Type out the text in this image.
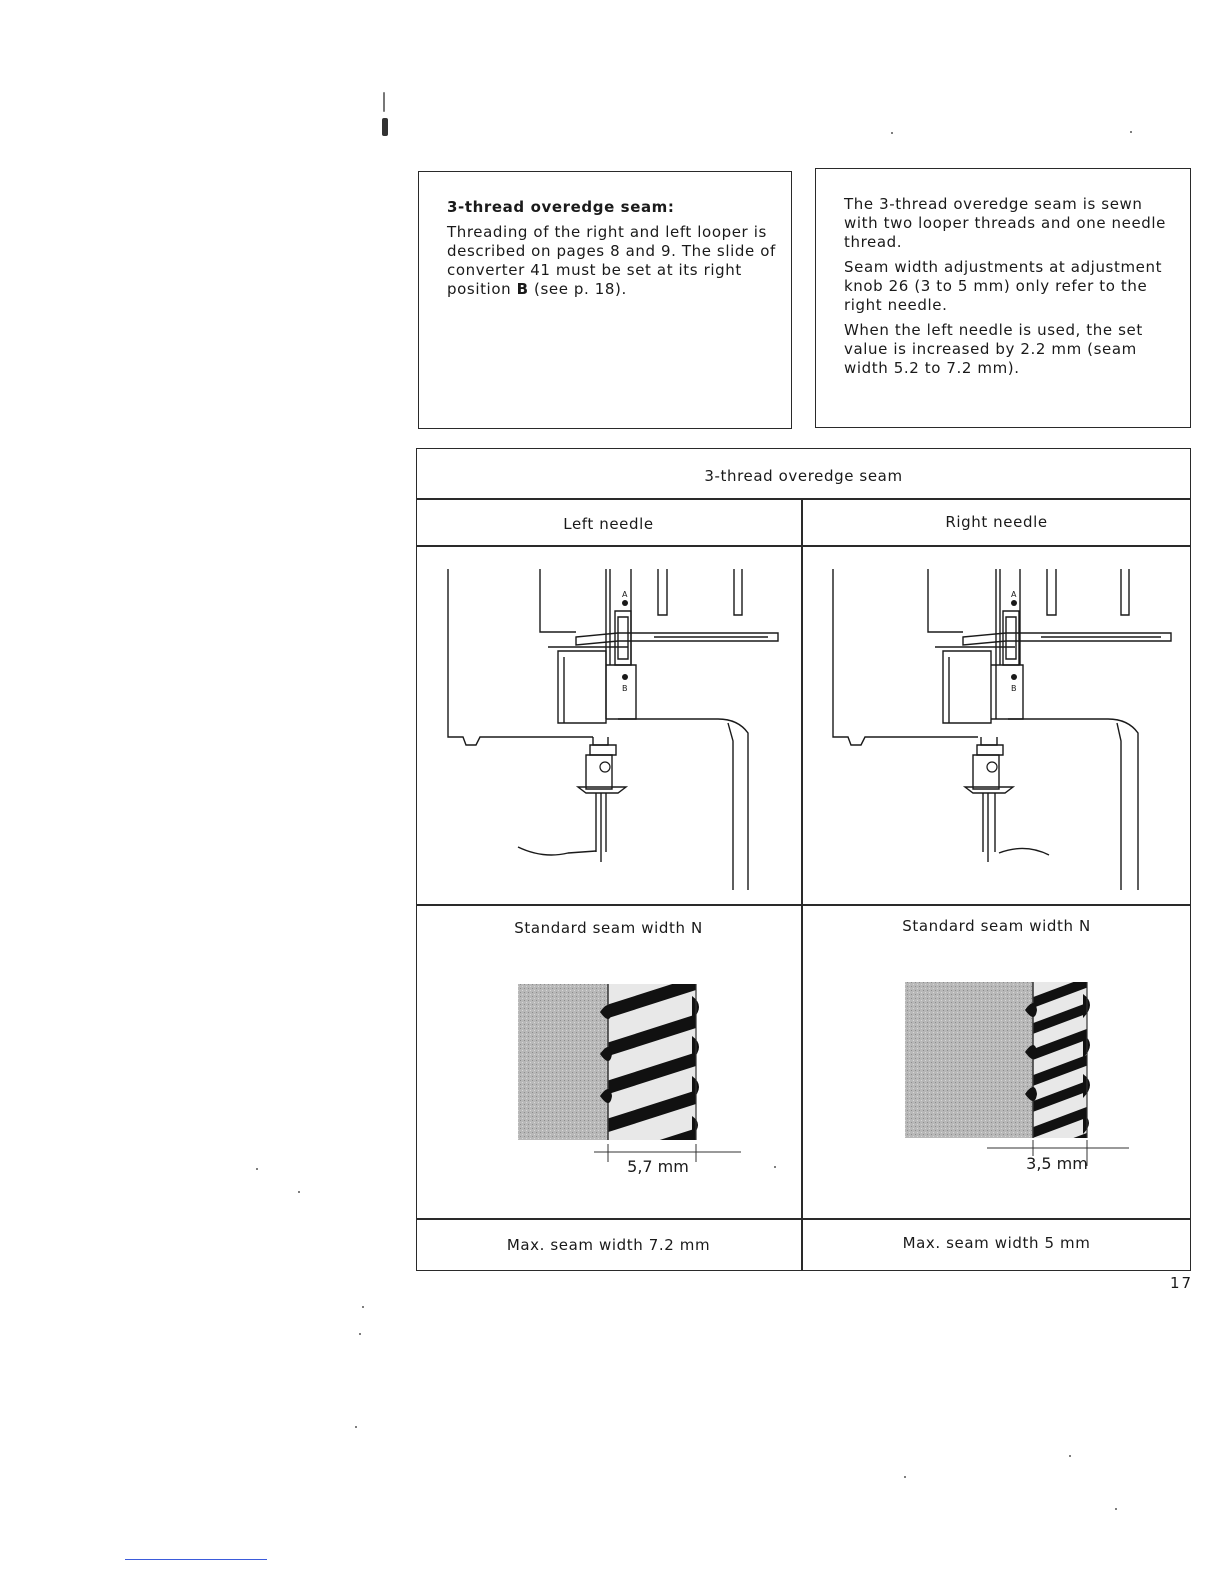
3-thread overedge seam:

Threading of the right and left looper is described on pages 8 and 9. The slide of converter 41 must be set at its right position B (see p. 18).

The 3-thread overedge seam is sewn with two looper threads and one needle thread.

Seam width adjustments at adjustment knob 26 (3 to 5 mm) only refer to the right needle.

When the left needle is used, the set value is increased by 2.2 mm (seam width 5.2 to 7.2 mm).

3-thread overedge seam
Left needle	Right needle
A
B
A
B
Standard seam width N	Standard seam width N
5,7 mm	3,5 mm
Max. seam width 7.2 mm	Max. seam width 5 mm
17
